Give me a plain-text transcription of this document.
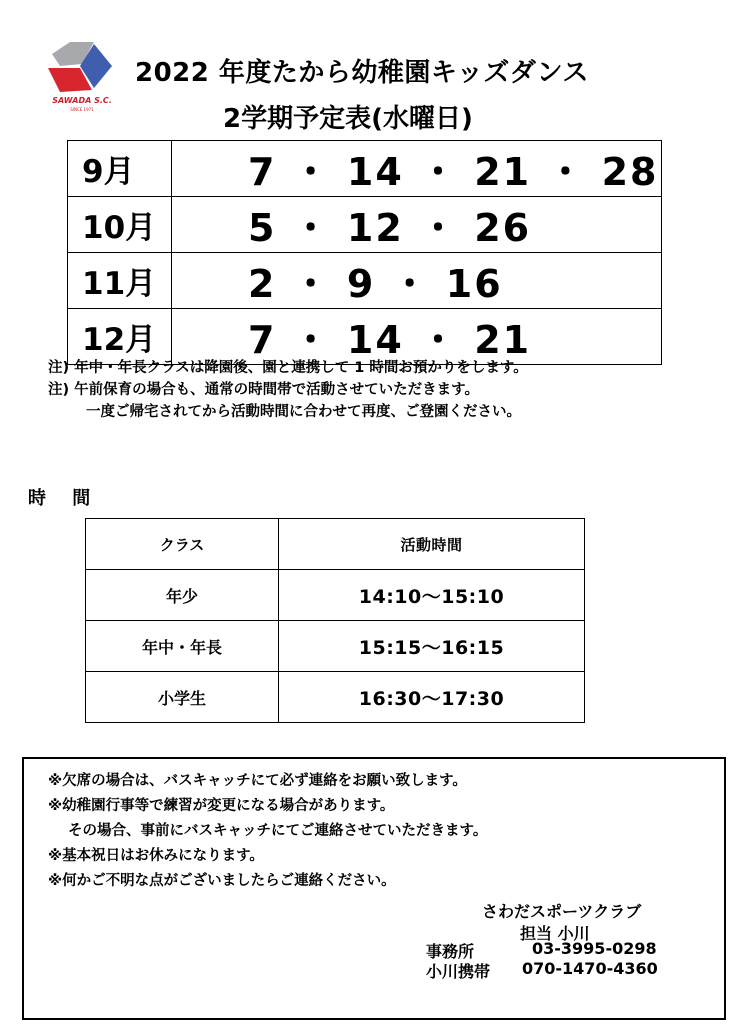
SAWADA S.C.
SINCE 1971
2022 年度たから幼稚園キッズダンス
2学期予定表(水曜日)
9月	7 ・ 14 ・ 21 ・ 28
10月	5 ・ 12 ・ 26
11月	2 ・ 9 ・ 16
12月	7 ・ 14 ・ 21
注) 年中・年長クラスは降園後、園と連携して 1 時間お預かりをします。
注) 午前保育の場合も、通常の時間帯で活動させていただきます。
一度ご帰宅されてから活動時間に合わせて再度、ご登園ください。
時 間
クラス	活動時間
年少	14:10〜15:10
年中・年長	15:15〜16:15
小学生	16:30〜17:30
※欠席の場合は、バスキャッチにて必ず連絡をお願い致します。
※幼稚園行事等で練習が変更になる場合があります。
その場合、事前にバスキャッチにてご連絡させていただきます。
※基本祝日はお休みになります。
※何かご不明な点がございましたらご連絡ください。
さわだスポーツクラブ
担当 小川
事務所	03-3995-0298
小川携帯 070-1470-4360
